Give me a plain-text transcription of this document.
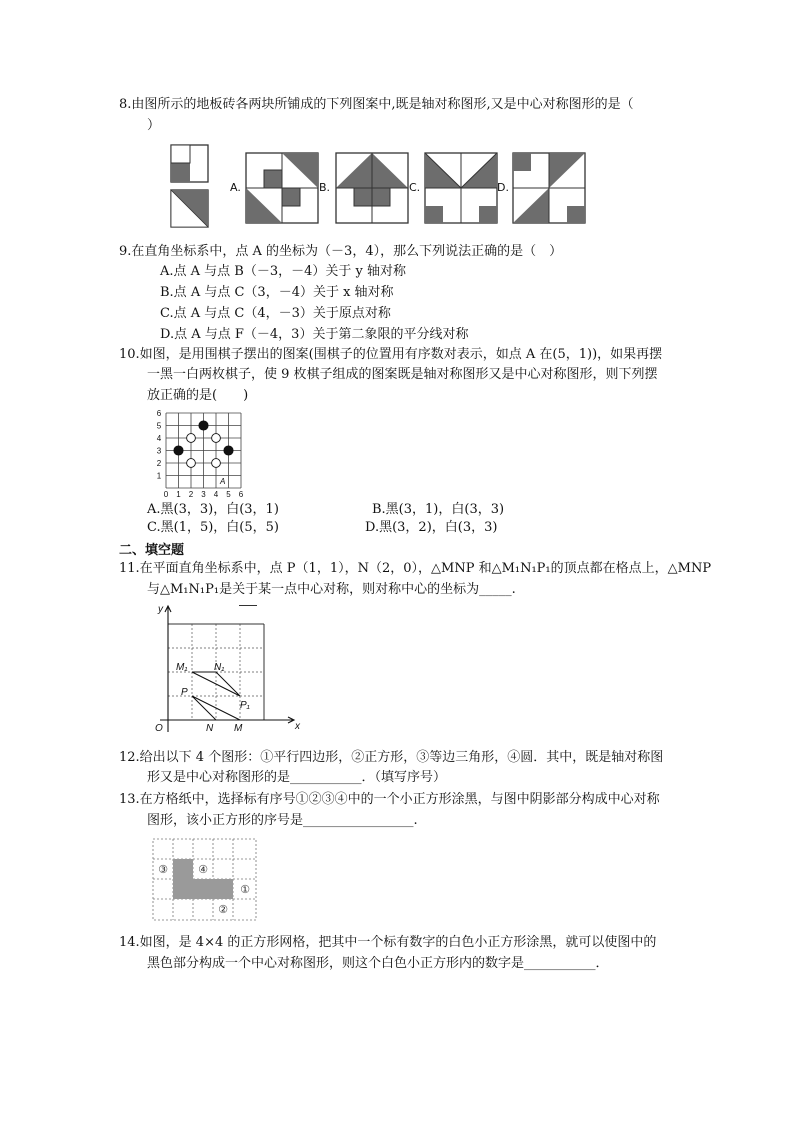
8.由图所示的地板砖各两块所铺成的下列图案中,既是轴对称图形,又是中心对称图形的是（
）
A.	B.	C.	D.
9.在直角坐标系中，点 A 的坐标为（－3，4），那么下列说法正确的是（　）
A.点 A 与点 B（－3，－4）关于 y 轴对称
B.点 A 与点 C（3，－4）关于 x 轴对称
C.点 A 与点 C（4，－3）关于原点对称
D.点 A 与点 F（－4，3）关于第二象限的平分线对称
10.如图，是用围棋子摆出的图案(围棋子的位置用有序数对表示，如点 A 在(5，1))，如果再摆
一黑一白两枚棋子，使 9 枚棋子组成的图案既是轴对称图形又是中心对称图形，则下列摆
放正确的是(　　)
6
5
4
3
2
1
0 1 2 3 4 5 6
A
A.黑(3，3)，白(3，1)	B.黑(3，1)，白(3，3)
C.黑(1，5)，白(5，5)	D.黑(3，2)，白(3，3)
二、填空题
11.在平面直角坐标系中，点 P（1，1），N（2，0），△MNP 和△M₁N₁P₁的顶点都在格点上，△MNP
与△M₁N₁P₁是关于某一点中心对称，则对称中心的坐标为_____.
y
x
O
M₁	N₁
P
P₁
N M
12.给出以下 4 个图形：①平行四边形，②正方形，③等边三角形，④圆．其中，既是轴对称图
形又是中心对称图形的是___________．（填写序号）
13.在方格纸中，选择标有序号①②③④中的一个小正方形涂黑，与图中阴影部分构成中心对称
图形，该小正方形的序号是_________________.
③	④
①
②
14.如图，是 4×4 的正方形网格，把其中一个标有数字的白色小正方形涂黑，就可以使图中的
黑色部分构成一个中心对称图形，则这个白色小正方形内的数字是___________．
